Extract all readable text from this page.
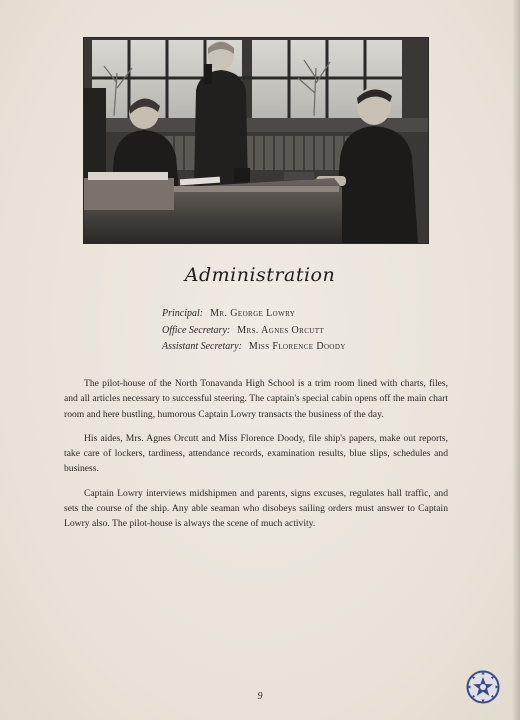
Administration
Principal: Mr. George Lowry
Office Secretary: Mrs. Agnes Orcutt
Assistant Secretary: Miss Florence Doody

The pilot-house of the North Tonavanda High School is a trim room lined with charts, files, and all articles necessary to successful steering. The captain's special cabin opens off the main chart room and here bustling, humorous Captain Lowry transacts the business of the day.

His aides, Mrs. Agnes Orcutt and Miss Florence Doody, file ship's papers, make out reports, take care of lockers, tardiness, attendance records, examination results, blue slips, schedules and business.

Captain Lowry interviews midshipmen and parents, signs excuses, regulates hall traffic, and sets the course of the ship. Any able seaman who disobeys sailing orders must answer to Captain Lowry also. The pilot-house is always the scene of much activity.

9
